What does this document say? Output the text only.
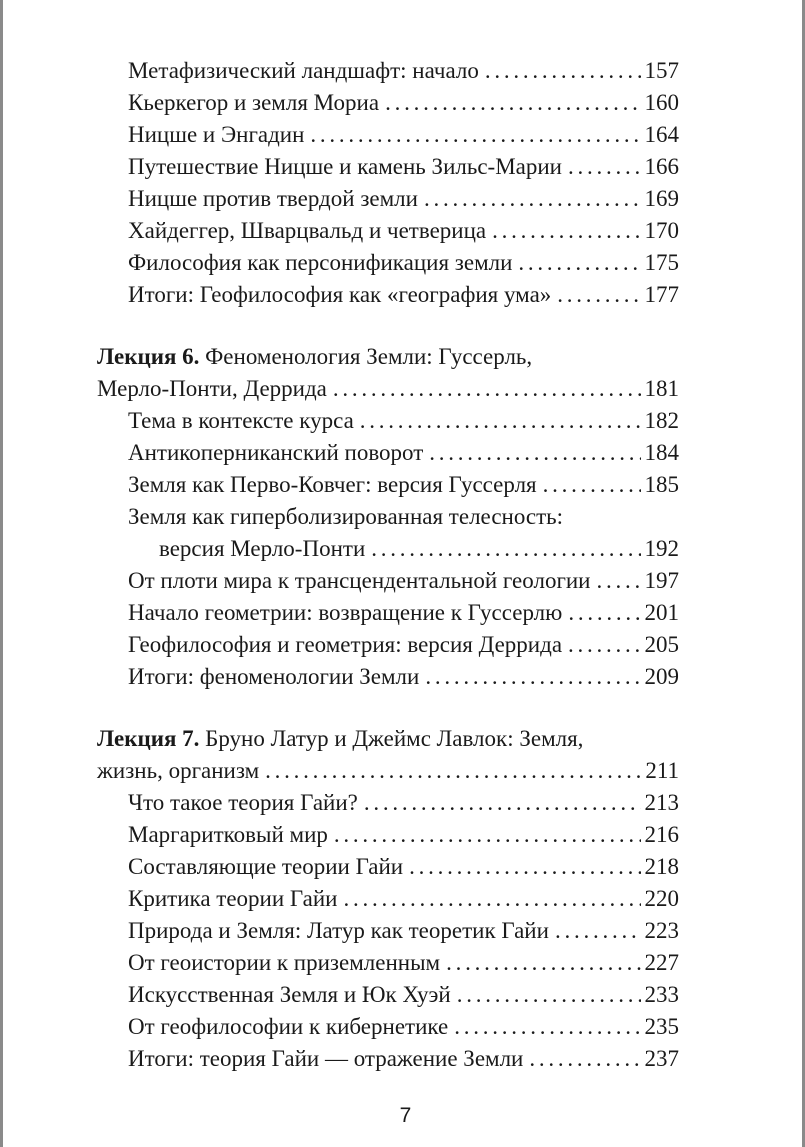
Метафизический ландшафт: начало . . .	157
Кьеркегор и земля Мориа . . .	160
Ницше и Энгадин . . .	164
Путешествие Ницше и камень Зильс-Марии . . .	166
Ницше против твердой земли . . .	169
Хайдеггер, Шварцвальд и четверица . . .	170
Философия как персонификация земли . . .	175
Итоги: Геофилософия как «география ума» . . .	177
Лекция 6. Феноменология Земли: Гуссерль,
Мерло-Понти, Деррида . . .	181
Тема в контексте курса . . .	182
Антикоперниканский поворот . . .	184
Земля как Перво-Ковчег: версия Гуссерля . . .	185
Земля как гиперболизированная телесность:
версия Мерло-Понти . . .	192
От плоти мира к трансцендентальной геологии . . . 197
Начало геометрии: возвращение к Гуссерлю . . .	201
Геофилософия и геометрия: версия Деррида . . .	205
Итоги: феноменологии Земли . . .	209
Лекция 7. Бруно Латур и Джеймс Лавлок: Земля,
жизнь, организм . . .	211
Что такое теория Гайи? . . .	213
Маргаритковый мир . . .	216
Составляющие теории Гайи . . .	218
Критика теории Гайи . . .	220
Природа и Земля: Латур как теоретик Гайи . . .	223
От геоистории к приземленным . . .	227
Искусственная Земля и Юк Хуэй . . .	233
От геофилософии к кибернетике . . .	235
Итоги: теория Гайи — отражение Земли . . .	237
7
